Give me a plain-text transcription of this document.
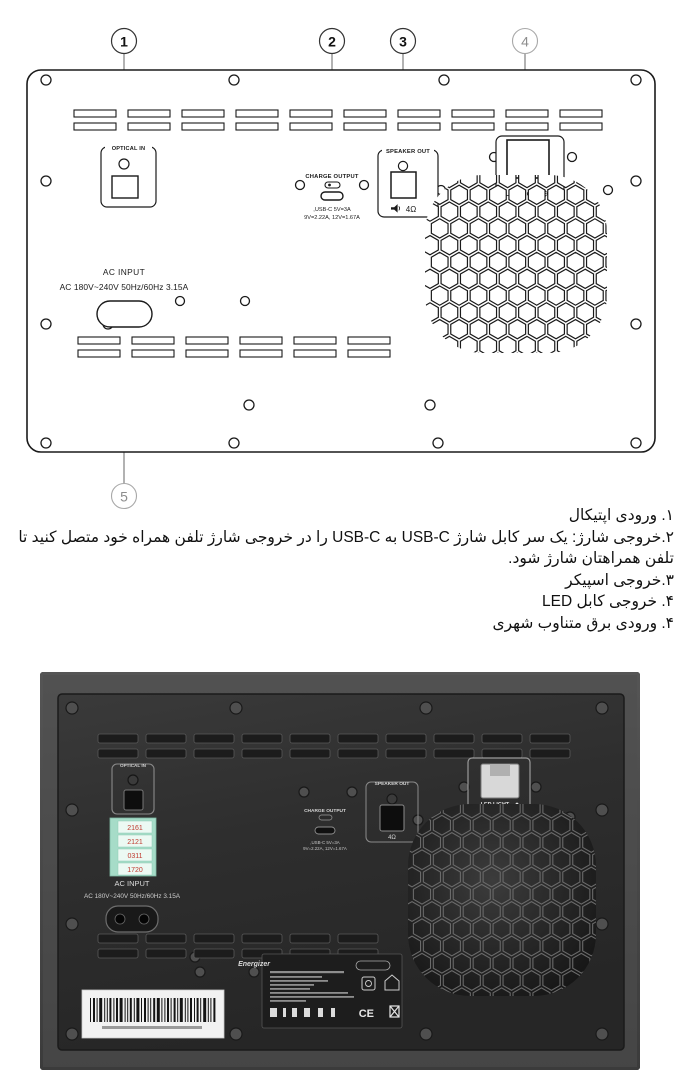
1	2	3	4
5
OPTICAL IN
CHARGE OUTPUT
USB-C 5V=3A,
9V=2.22A, 12V=1.67A
SPEAKER OUT
4Ω
AC INPUT
AC 180V~240V 50Hz/60Hz 3.15A
۱. ورودی اپتیکال
۲.خروجی شارژ: یک سر کابل شارژ USB-C به USB-C را در خروجی شارژ تلفن همراه خود متصل کنید تا تلفن همراهتان شارژ شود.
۳.خروجی اسپیکر
۴. خروجی کابل LED
۴. ورودی برق متناوب شهری
OPTICAL IN
2161
2121
0311
1720
AC INPUT
AC 180V~240V 50Hz/60Hz 3.15A
CHARGE OUTPUT
USB-C 5V=3A,
9V=2.22A, 12V=1.67A
SPEAKER OUT
4Ω
Energizer
CE
